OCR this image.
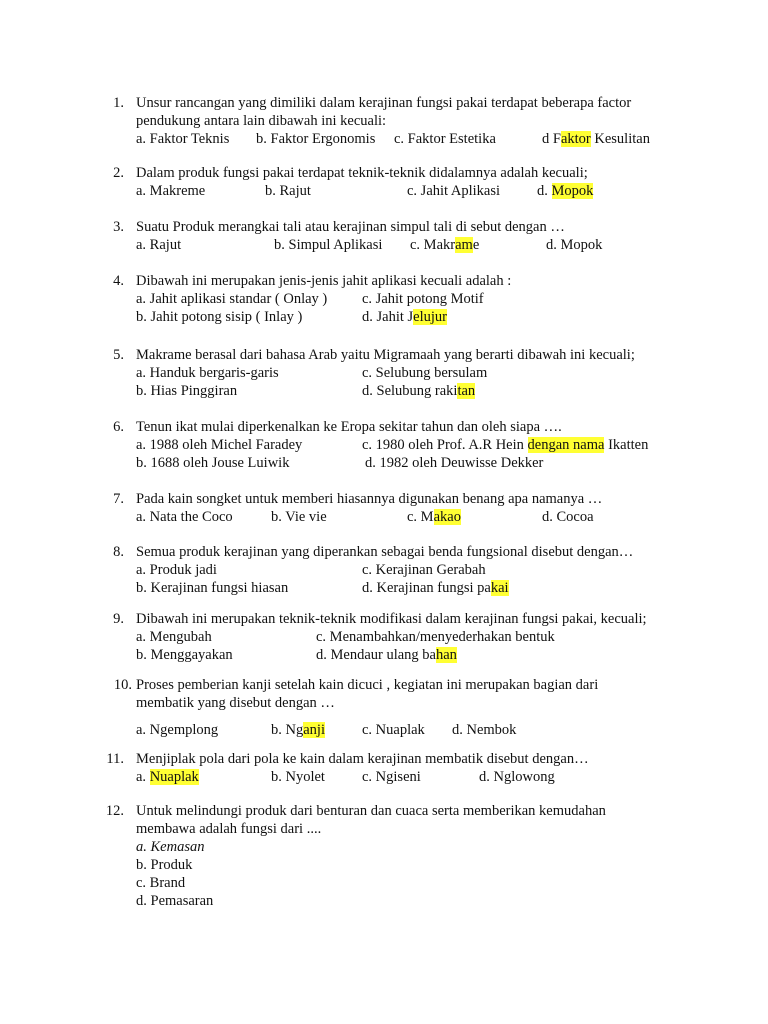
1. Unsur rancangan yang dimiliki dalam kerajinan fungsi pakai terdapat beberapa factor
pendukung antara lain dibawah ini kecuali:
a. Faktor Teknis b. Faktor Ergonomis c. Faktor Estetika	d Faktor Kesulitan
2. Dalam produk fungsi pakai terdapat teknik-teknik didalamnya adalah kecuali;
a. Makreme	b. Rajut	c. Jahit Aplikasi	d. Mopok
3. Suatu Produk merangkai tali atau kerajinan simpul tali di sebut dengan …
a. Rajut	b. Simpul Aplikasi c. Makrame	d. Mopok
4. Dibawah ini merupakan jenis-jenis jahit aplikasi kecuali adalah :
a. Jahit aplikasi standar ( Onlay ) c. Jahit potong Motif
b. Jahit potong sisip ( Inlay )	d. Jahit Jelujur
5. Makrame berasal dari bahasa Arab yaitu Migramaah yang berarti dibawah ini kecuali;
a. Handuk bergaris-garis	c. Selubung bersulam
b. Hias Pinggiran	d. Selubung rakitan
6. Tenun ikat mulai diperkenalkan ke Eropa sekitar tahun dan oleh siapa ….
a. 1988 oleh Michel Faradey	c. 1980 oleh Prof. A.R Hein dengan nama Ikatten
b. 1688 oleh Jouse Luiwik	d. 1982 oleh Deuwisse Dekker
7. Pada kain songket untuk memberi hiasannya digunakan benang apa namanya …
a. Nata the Coco	b. Vie vie	c. Makao	d. Cocoa
8. Semua produk kerajinan yang diperankan sebagai benda fungsional disebut dengan…
a. Produk jadi	c. Kerajinan Gerabah
b. Kerajinan fungsi hiasan	d. Kerajinan fungsi pakai
9. Dibawah ini merupakan teknik-teknik modifikasi dalam kerajinan fungsi pakai, kecuali;
a. Mengubah	c. Menambahkan/menyederhakan bentuk
b. Menggayakan	d. Mendaur ulang bahan
10. Proses pemberian kanji setelah kain dicuci , kegiatan ini merupakan bagian dari
membatik yang disebut dengan …
a. Ngemplong	b. Nganji	c. Nuaplak d. Nembok
11. Menjiplak pola dari pola ke kain dalam kerajinan membatik disebut dengan…
a. Nuaplak	b. Nyolet	c. Ngiseni	d. Nglowong
12. Untuk melindungi produk dari benturan dan cuaca serta memberikan kemudahan
membawa adalah fungsi dari ....
a. Kemasan
b. Produk
c. Brand
d. Pemasaran
